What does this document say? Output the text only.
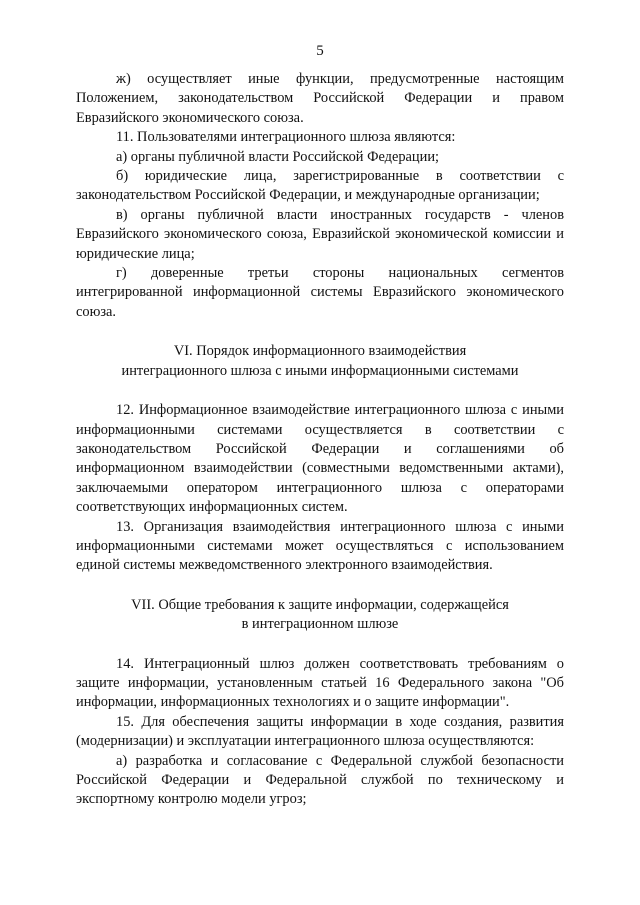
5

ж) осуществляет иные функции, предусмотренные настоящим Положением, законодательством Российской Федерации и правом Евразийского экономического союза.

11. Пользователями интеграционного шлюза являются:

а) органы публичной власти Российской Федерации;

б) юридические лица, зарегистрированные в соответствии с законодательством Российской Федерации, и международные организации;

в) органы публичной власти иностранных государств - членов Евразийского экономического союза, Евразийской экономической комиссии и юридические лица;

г) доверенные третьи стороны национальных сегментов интегрированной информационной системы Евразийского экономического союза.

VI. Порядок информационного взаимодействия
интеграционного шлюза с иными информационными системами

12. Информационное взаимодействие интеграционного шлюза с иными информационными системами осуществляется в соответствии с законодательством Российской Федерации и соглашениями об информационном взаимодействии (совместными ведомственными актами), заключаемыми оператором интеграционного шлюза с операторами соответствующих информационных систем.

13. Организация взаимодействия интеграционного шлюза с иными информационными системами может осуществляться с использованием единой системы межведомственного электронного взаимодействия.

VII. Общие требования к защите информации, содержащейся
в интеграционном шлюзе

14. Интеграционный шлюз должен соответствовать требованиям о защите информации, установленным статьей 16 Федерального закона "Об информации, информационных технологиях и о защите информации".

15. Для обеспечения защиты информации в ходе создания, развития (модернизации) и эксплуатации интеграционного шлюза осуществляются:

а) разработка и согласование с Федеральной службой безопасности Российской Федерации и Федеральной службой по техническому и экспортному контролю модели угроз;
